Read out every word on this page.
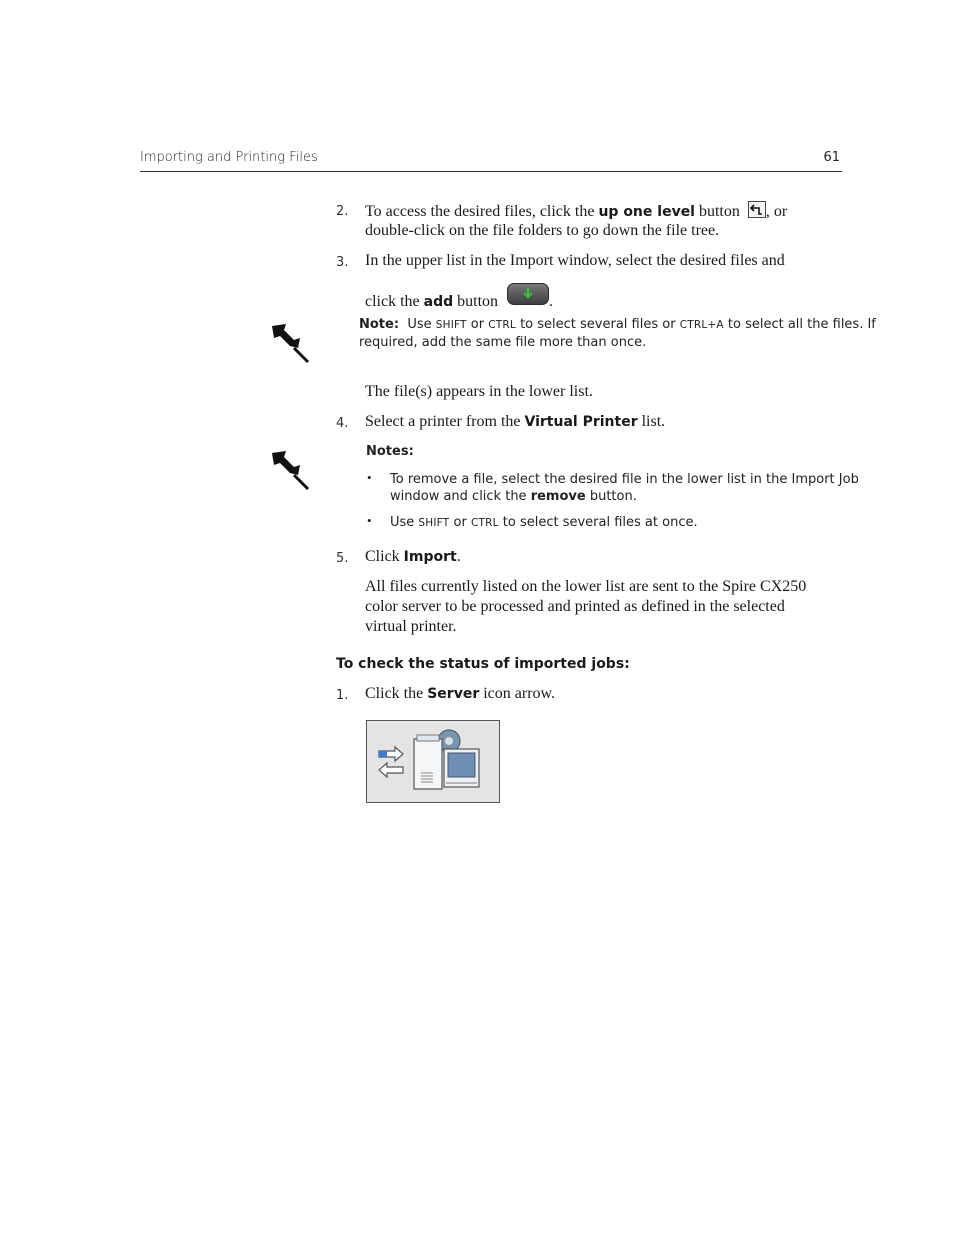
Importing and Printing Files	61
2. To access the desired files, click the up one level button
, or
double-click on the file folders to go down the file tree.
3. In the upper list in the Import window, select the desired files and
click the add button	.
Note: Use SHIFT or CTRL to select several files or CTRL+A to select all the files. If
required, add the same file more than once.
The file(s) appears in the lower list.
4. Select a printer from the Virtual Printer list.
Notes:
• To remove a file, select the desired file in the lower list in the Import Job
window and click the remove button.
• Use SHIFT or CTRL to select several files at once.
5. Click Import.
All files currently listed on the lower list are sent to the Spire CX250
color server to be processed and printed as defined in the selected
virtual printer.
To check the status of imported jobs:
1. Click the Server icon arrow.
